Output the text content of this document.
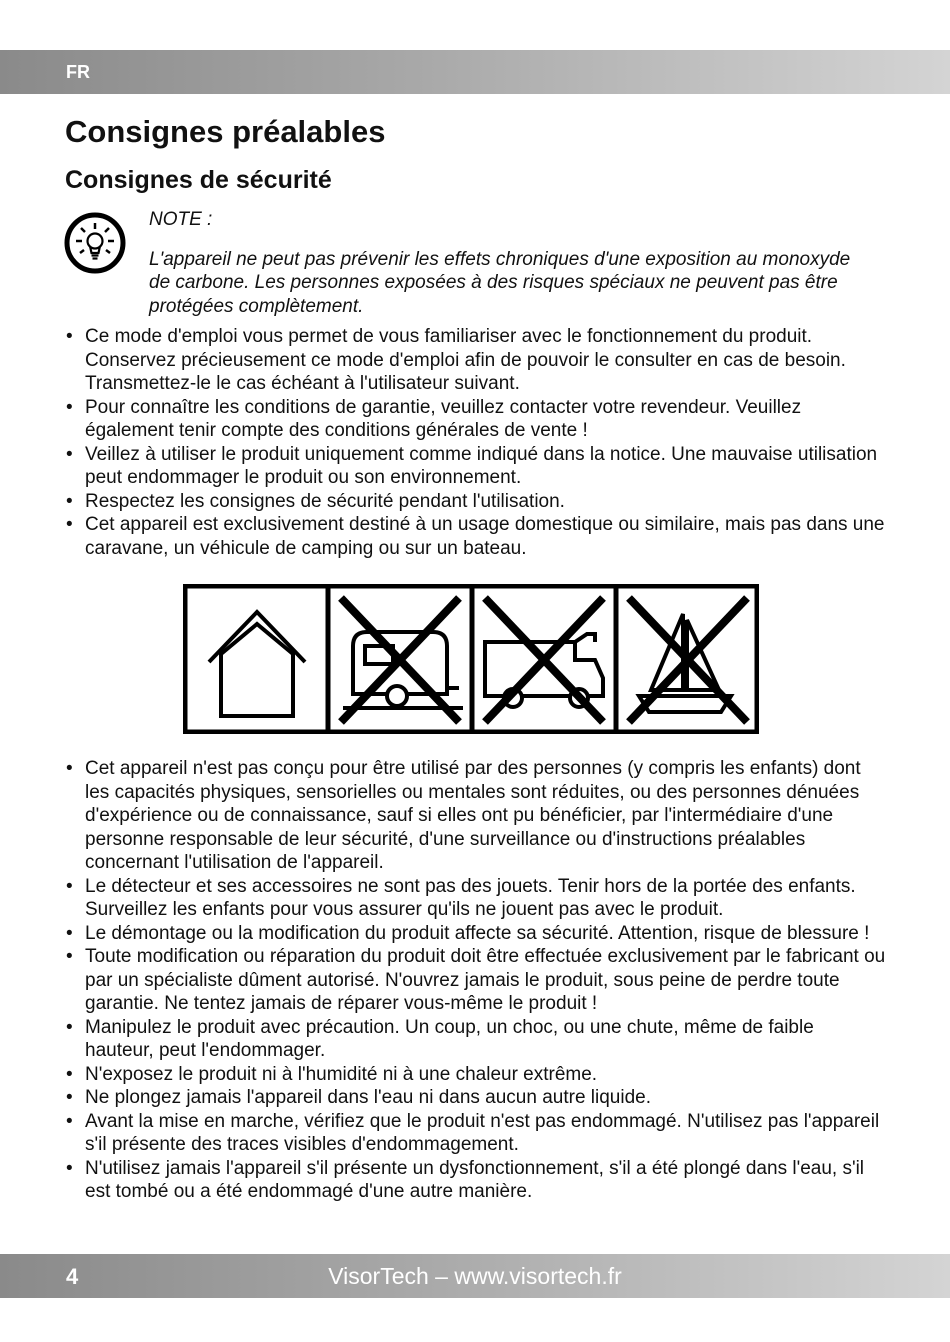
FR
Consignes préalables
Consignes de sécurité
NOTE :
L'appareil ne peut pas prévenir les effets chroniques d'une exposition au monoxyde de carbone. Les personnes exposées à des risques spéciaux ne peuvent pas être protégées complètement.
• Ce mode d'emploi vous permet de vous familiariser avec le fonctionnement du produit. Conservez précieusement ce mode d'emploi afin de pouvoir le consulter en cas de besoin. Transmettez-le le cas échéant à l'utilisateur suivant.
• Pour connaître les conditions de garantie, veuillez contacter votre revendeur. Veuillez également tenir compte des conditions générales de vente !
• Veillez à utiliser le produit uniquement comme indiqué dans la notice. Une mauvaise utilisation peut endommager le produit ou son environnement.
• Respectez les consignes de sécurité pendant l'utilisation.
• Cet appareil est exclusivement destiné à un usage domestique ou similaire, mais pas dans une caravane, un véhicule de camping ou sur un bateau.
• Cet appareil n'est pas conçu pour être utilisé par des personnes (y compris les enfants) dont les capacités physiques, sensorielles ou mentales sont réduites, ou des personnes dénuées d'expérience ou de connaissance, sauf si elles ont pu bénéficier, par l'intermédiaire d'une personne responsable de leur sécurité, d'une surveillance ou d'instructions préalables concernant l'utilisation de l'appareil.
• Le détecteur et ses accessoires ne sont pas des jouets. Tenir hors de la portée des enfants. Surveillez les enfants pour vous assurer qu'ils ne jouent pas avec le produit.
• Le démontage ou la modification du produit affecte sa sécurité. Attention, risque de blessure !
• Toute modification ou réparation du produit doit être effectuée exclusivement par le fabricant ou par un spécialiste dûment autorisé. N'ouvrez jamais le produit, sous peine de perdre toute garantie. Ne tentez jamais de réparer vous-même le produit !
• Manipulez le produit avec précaution. Un coup, un choc, ou une chute, même de faible hauteur, peut l'endommager.
• N'exposez le produit ni à l'humidité ni à une chaleur extrême.
• Ne plongez jamais l'appareil dans l'eau ni dans aucun autre liquide.
• Avant la mise en marche, vérifiez que le produit n'est pas endommagé. N'utilisez pas l'appareil s'il présente des traces visibles d'endommagement.
• N'utilisez jamais l'appareil s'il présente un dysfonctionnement, s'il a été plongé dans l'eau, s'il est tombé ou a été endommagé d'une autre manière.
4	VisorTech – www.visortech.fr
